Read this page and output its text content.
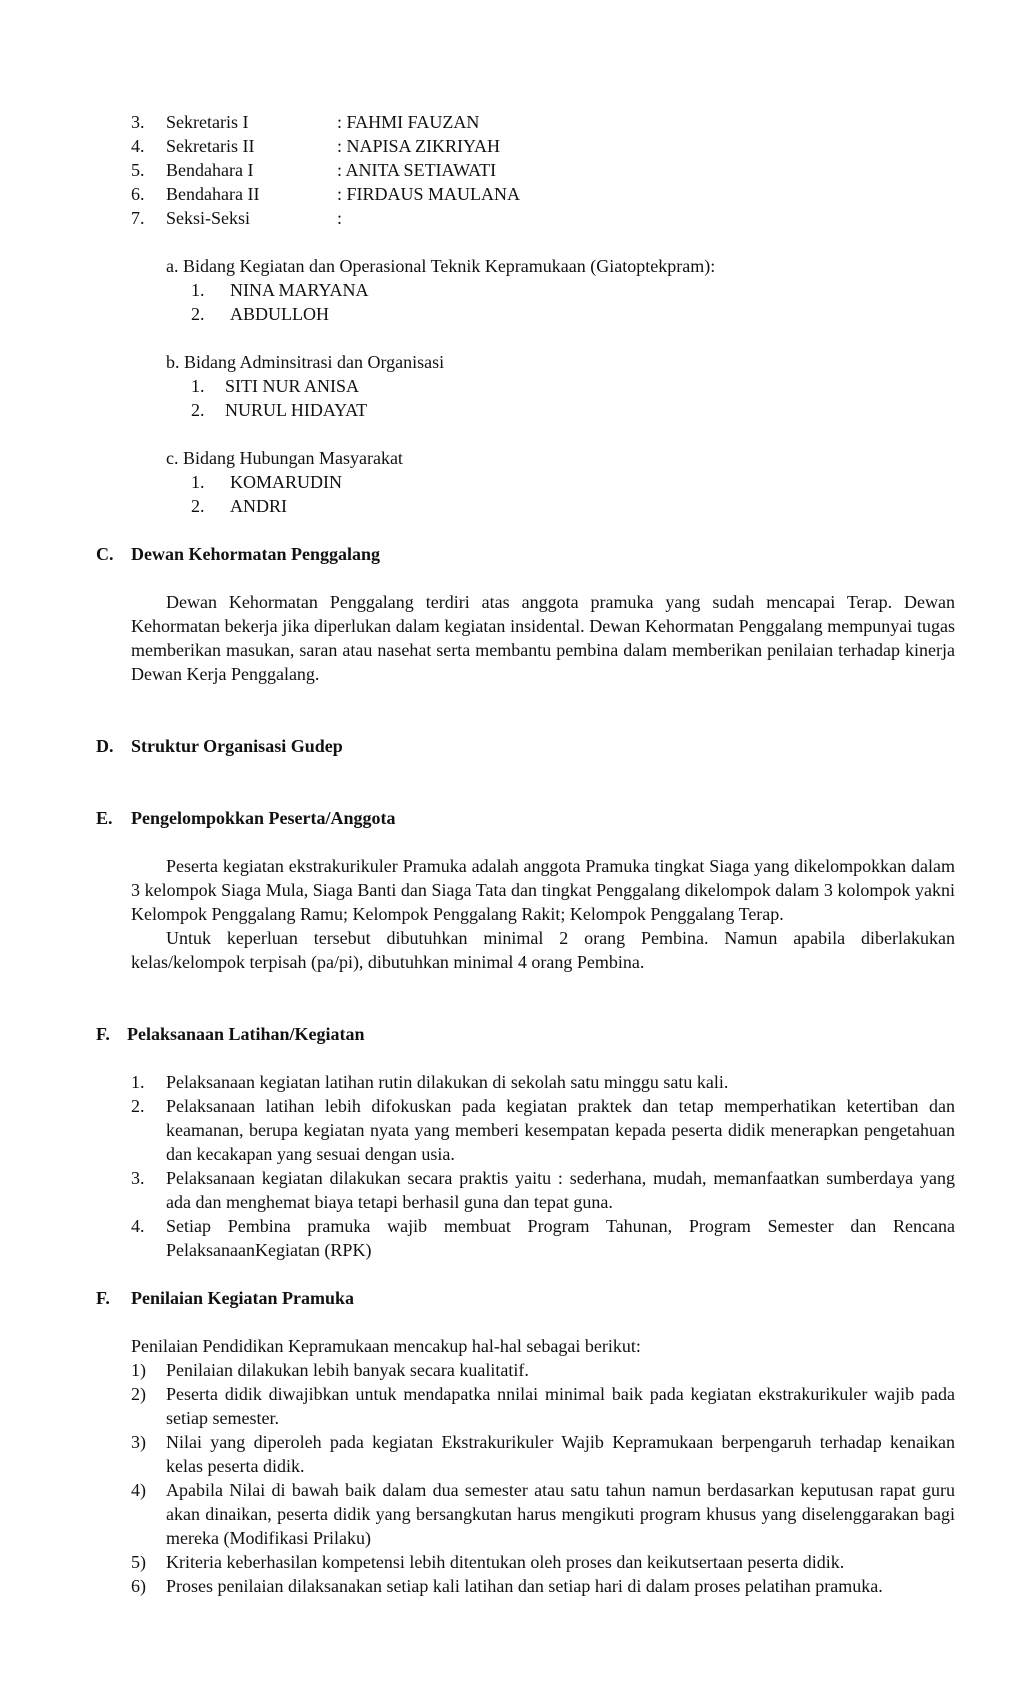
3. Sekretaris I	: FAHMI FAUZAN
4. Sekretaris II	: NAPISA ZIKRIYAH
5. Bendahara I	: ANITA SETIAWATI
6. Bendahara II	: FIRDAUS MAULANA
7. Seksi-Seksi	:
a. Bidang Kegiatan dan Operasional Teknik Kepramukaan (Giatoptekpram):
1. NINA MARYANA
2. ABDULLOH
b. Bidang Adminsitrasi dan Organisasi
1. SITI NUR ANISA
2. NURUL HIDAYAT
c. Bidang Hubungan Masyarakat
1. KOMARUDIN
2. ANDRI
C. Dewan Kehormatan Penggalang
Dewan Kehormatan Penggalang terdiri atas anggota pramuka yang sudah mencapai Terap. Dewan Kehormatan bekerja jika diperlukan dalam kegiatan insidental. Dewan Kehormatan Penggalang mempunyai tugas memberikan masukan, saran atau nasehat serta membantu pembina dalam memberikan penilaian terhadap kinerja Dewan Kerja Penggalang.
D. Struktur Organisasi Gudep
E. Pengelompokkan Peserta/Anggota
Peserta kegiatan ekstrakurikuler Pramuka adalah anggota Pramuka tingkat Siaga yang dikelompokkan dalam 3 kelompok Siaga Mula, Siaga Banti dan Siaga Tata dan tingkat Penggalang dikelompok dalam 3 kolompok yakni Kelompok Penggalang Ramu; Kelompok Penggalang Rakit; Kelompok Penggalang Terap.
Untuk keperluan tersebut dibutuhkan minimal 2 orang Pembina. Namun apabila diberlakukan kelas/kelompok terpisah (pa/pi), dibutuhkan minimal 4 orang Pembina.
F. Pelaksanaan Latihan/Kegiatan
1. Pelaksanaan kegiatan latihan rutin dilakukan di sekolah satu minggu satu kali.
2. Pelaksanaan latihan lebih difokuskan pada kegiatan praktek dan tetap memperhatikan ketertiban dan keamanan, berupa kegiatan nyata yang memberi kesempatan kepada peserta didik menerapkan pengetahuan dan kecakapan yang sesuai dengan usia.
3. Pelaksanaan kegiatan dilakukan secara praktis yaitu : sederhana, mudah, memanfaatkan sumberdaya yang ada dan menghemat biaya tetapi berhasil guna dan tepat guna.
4. Setiap Pembina pramuka wajib membuat Program Tahunan, Program Semester dan Rencana PelaksanaanKegiatan (RPK)
F. Penilaian Kegiatan Pramuka
Penilaian Pendidikan Kepramukaan mencakup hal-hal sebagai berikut:
1) Penilaian dilakukan lebih banyak secara kualitatif.
2) Peserta didik diwajibkan untuk mendapatka nnilai minimal baik pada kegiatan ekstrakurikuler wajib pada setiap semester.
3) Nilai yang diperoleh pada kegiatan Ekstrakurikuler Wajib Kepramukaan berpengaruh terhadap kenaikan kelas peserta didik.
4) Apabila Nilai di bawah baik dalam dua semester atau satu tahun namun berdasarkan keputusan rapat guru akan dinaikan, peserta didik yang bersangkutan harus mengikuti program khusus yang diselenggarakan bagi mereka (Modifikasi Prilaku)
5) Kriteria keberhasilan kompetensi lebih ditentukan oleh proses dan keikutsertaan peserta didik.
6) Proses penilaian dilaksanakan setiap kali latihan dan setiap hari di dalam proses pelatihan pramuka.
